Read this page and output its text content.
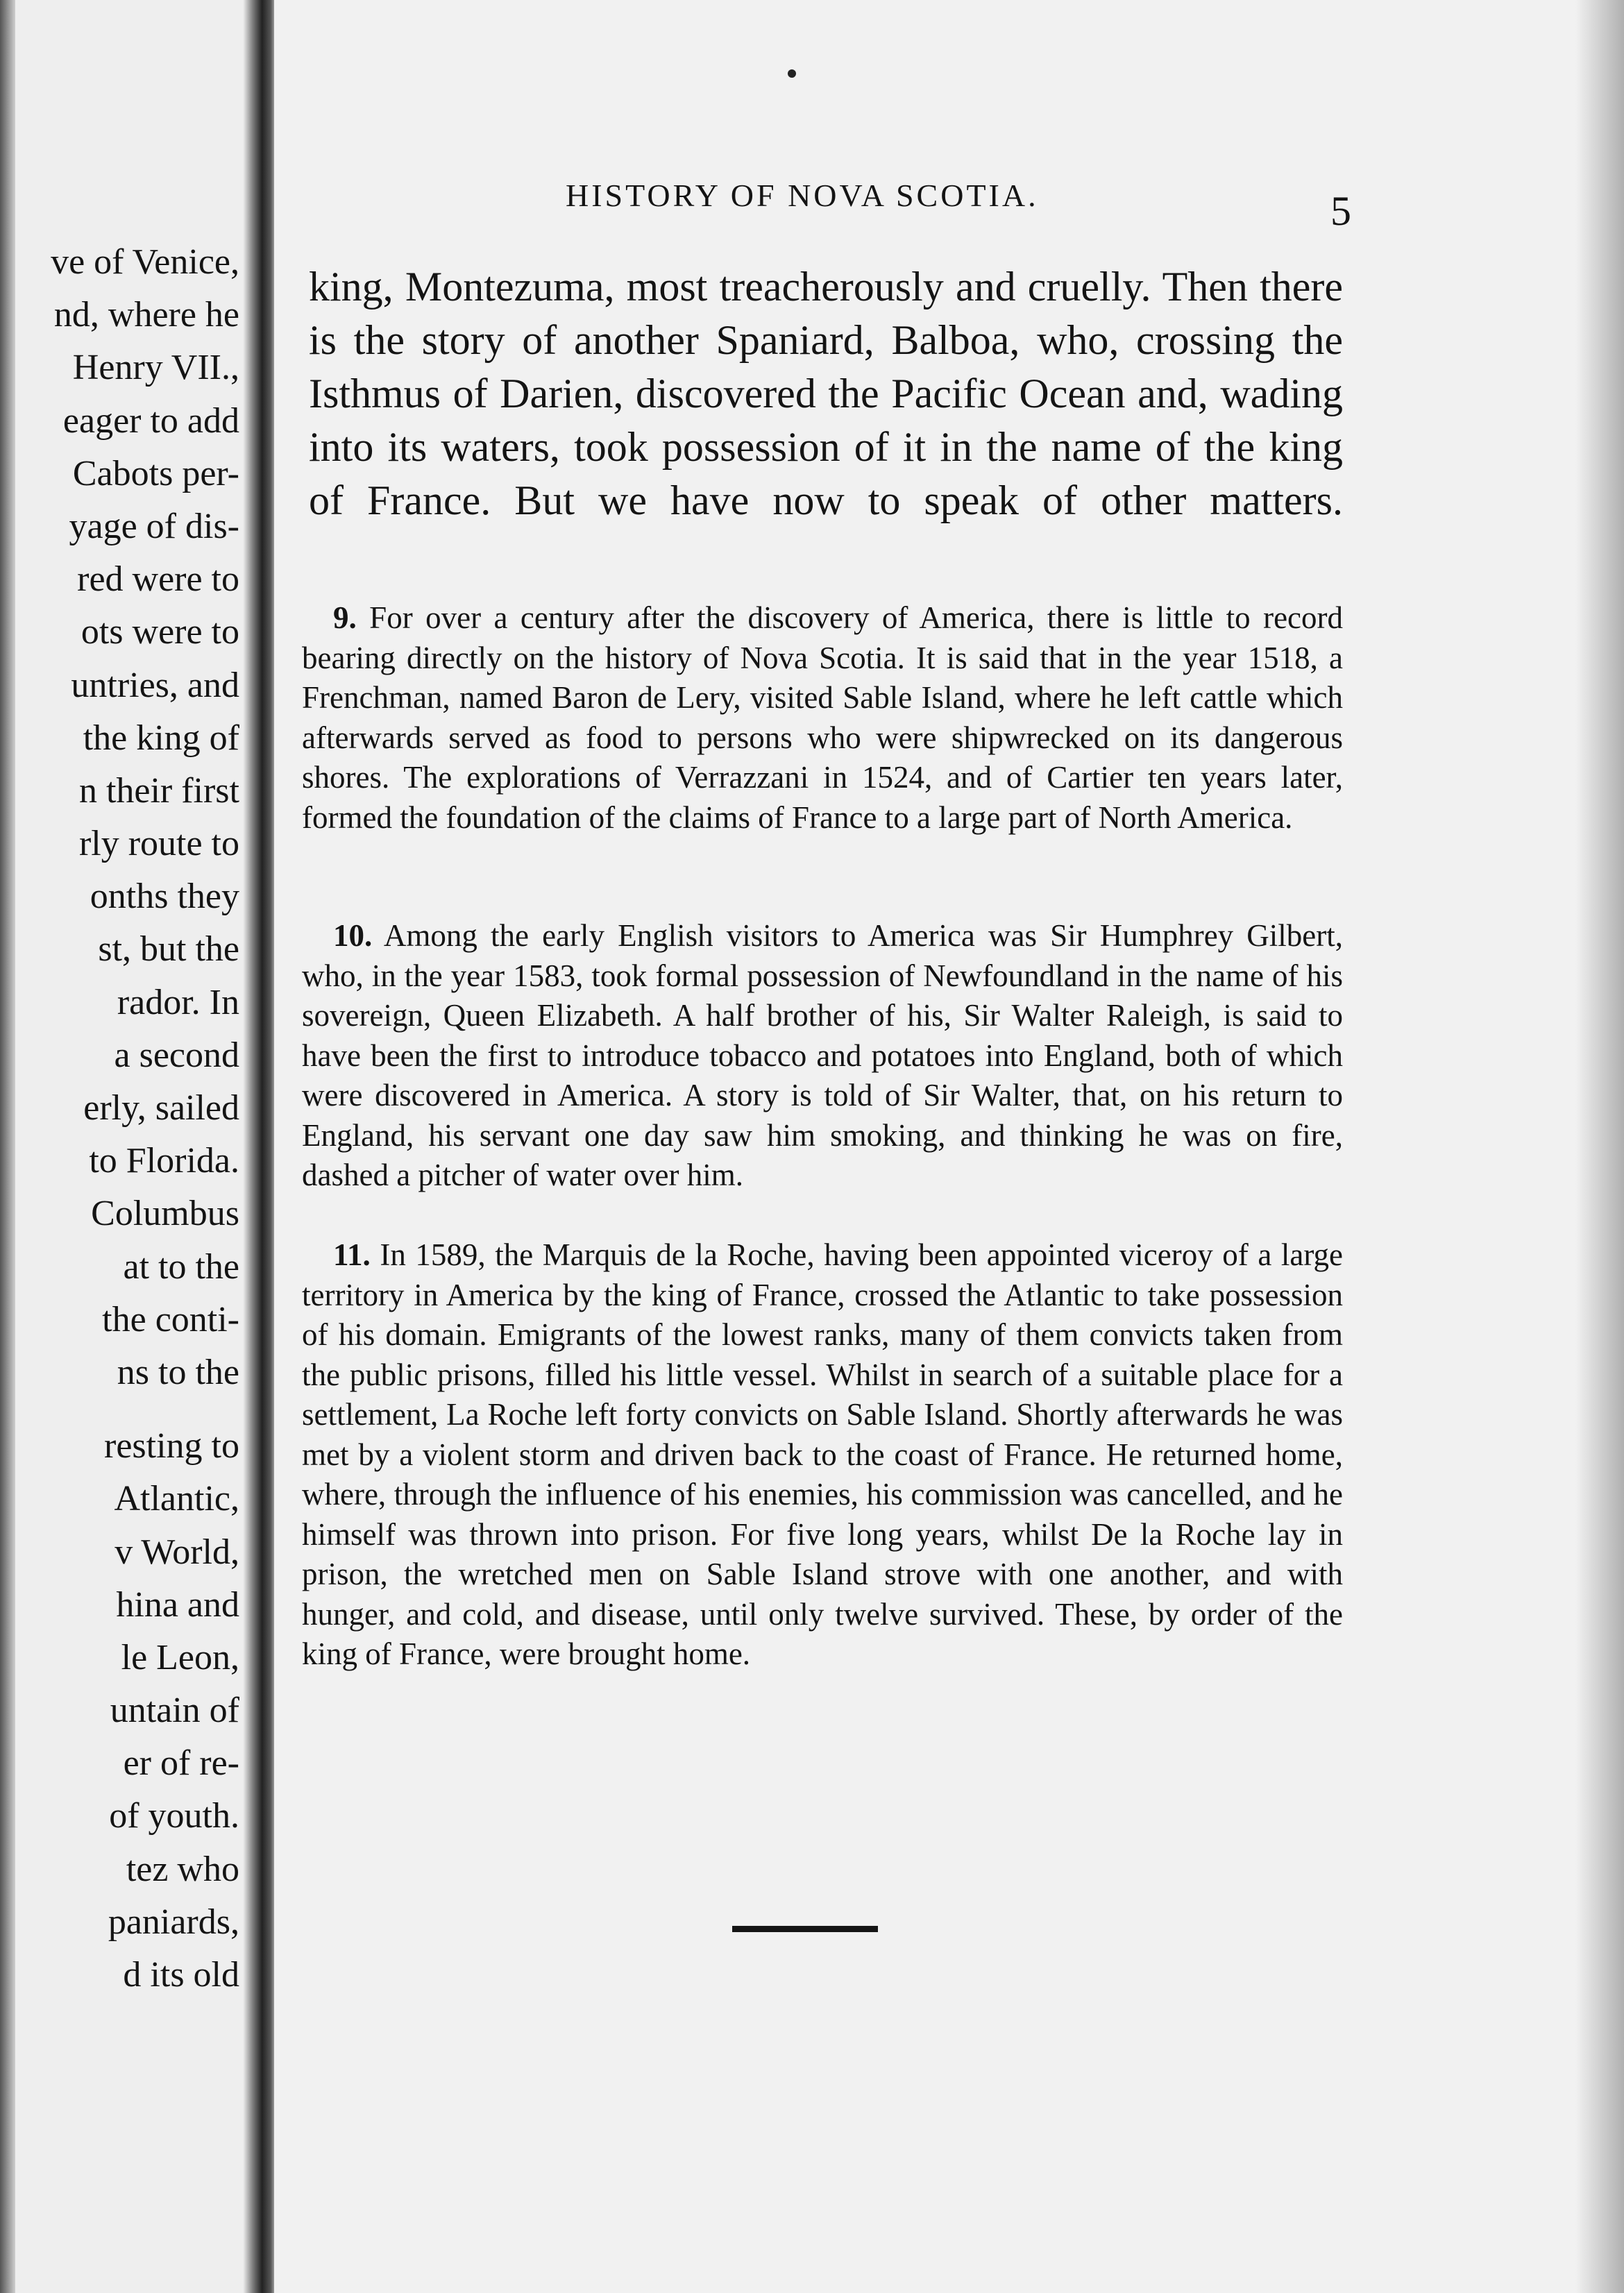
ve of Venice,
nd, where he
Henry VII.,
eager to add
Cabots per-
yage of dis-
red were to
ots were to
untries, and
the king of
n their first
rly route to
onths they
st, but the
rador. In
a second
erly, sailed
to Florida.
Columbus
at to the
the conti-
ns to the
resting to
Atlantic,
v World,
hina and
le Leon,
untain of
er of re-
of youth.
tez who
paniards,
d its old
HISTORY OF NOVA SCOTIA.	5

king, Montezuma, most treacherously and cruelly. Then there is the story of another Spaniard, Balboa, who, crossing the Isthmus of Darien, discovered the Pacific Ocean and, wading into its waters, took possession of it in the name of the king of France. But we have now to speak of other matters.

9. For over a century after the discovery of America, there is little to record bearing directly on the history of Nova Scotia. It is said that in the year 1518, a Frenchman, named Baron de Lery, visited Sable Island, where he left cattle which afterwards served as food to persons who were shipwrecked on its dangerous shores. The explorations of Verrazzani in 1524, and of Cartier ten years later, formed the foundation of the claims of France to a large part of North America.

10. Among the early English visitors to America was Sir Humphrey Gilbert, who, in the year 1583, took formal possession of Newfoundland in the name of his sovereign, Queen Elizabeth. A half brother of his, Sir Walter Raleigh, is said to have been the first to introduce tobacco and potatoes into England, both of which were discovered in America. A story is told of Sir Walter, that, on his return to England, his servant one day saw him smoking, and thinking he was on fire, dashed a pitcher of water over him.

11. In 1589, the Marquis de la Roche, having been appointed viceroy of a large territory in America by the king of France, crossed the Atlantic to take possession of his domain. Emigrants of the lowest ranks, many of them convicts taken from the public prisons, filled his little vessel. Whilst in search of a suitable place for a settlement, La Roche left forty convicts on Sable Island. Shortly afterwards he was met by a violent storm and driven back to the coast of France. He returned home, where, through the influence of his enemies, his commission was cancelled, and he himself was thrown into prison. For five long years, whilst De la Roche lay in prison, the wretched men on Sable Island strove with one another, and with hunger, and cold, and disease, until only twelve survived. These, by order of the king of France, were brought home.
